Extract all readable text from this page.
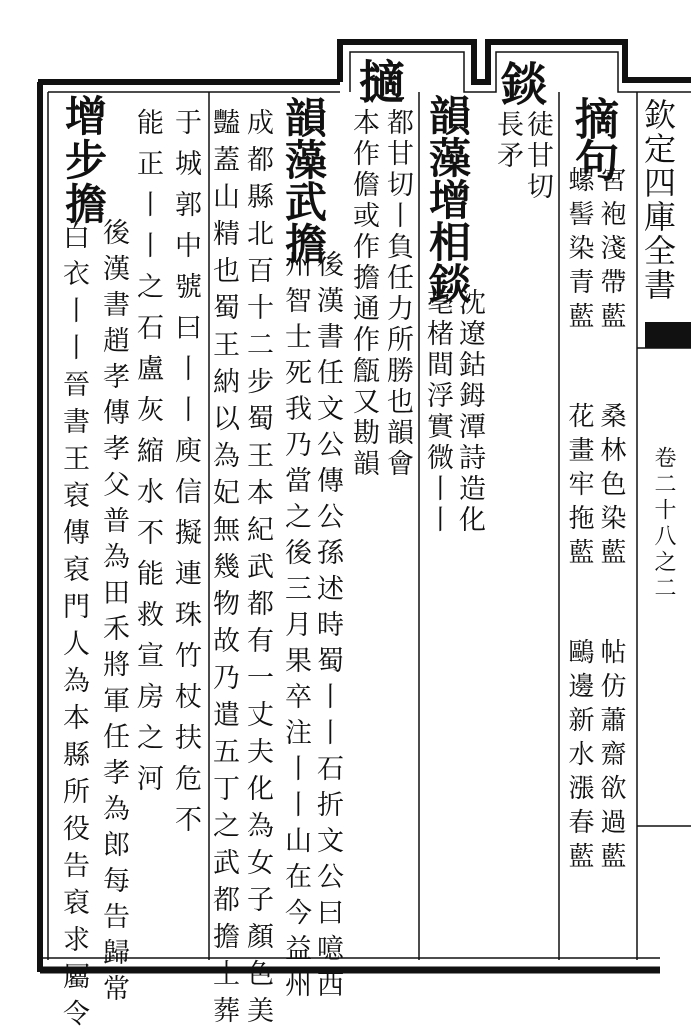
欽定四庫全書
卷二十八之二
摘句
宮袍淺帶藍 桑林色染藍 帖仿蕭齋欲過藍
螺髻染青藍 花畫牢拖藍 鷗邊新水漲春藍
錟
徒甘切
長矛
韻藻增相錟
沈遼鈷鉧潭詩造化
亳楮間浮實微丨丨
擿
都甘切丨負任力所勝也韻會
本作儋或作擔通作甔又勘韻
韻藻武擔
後漢書任文公傳公孫述時蜀丨丨石折文公曰噫西
州智士死我乃當之後三月果卒注丨丨山在今益州
成都縣北百十二步蜀王本紀武都有一丈夫化為女子顏色美
豔蓋山精也蜀王納以為妃無幾物故乃遣五丁之武都擔土葬
于城郭中號曰丨丨庾信擬連珠竹杖扶危不
能正丨丨之石盧灰縮水不能救宣房之河
增步擔
後漢書趙孝傳孝父普為田禾將軍任孝為郎每告歸常
白衣丨丨晉書王裒傳裒門人為本縣所役告裒求屬令
